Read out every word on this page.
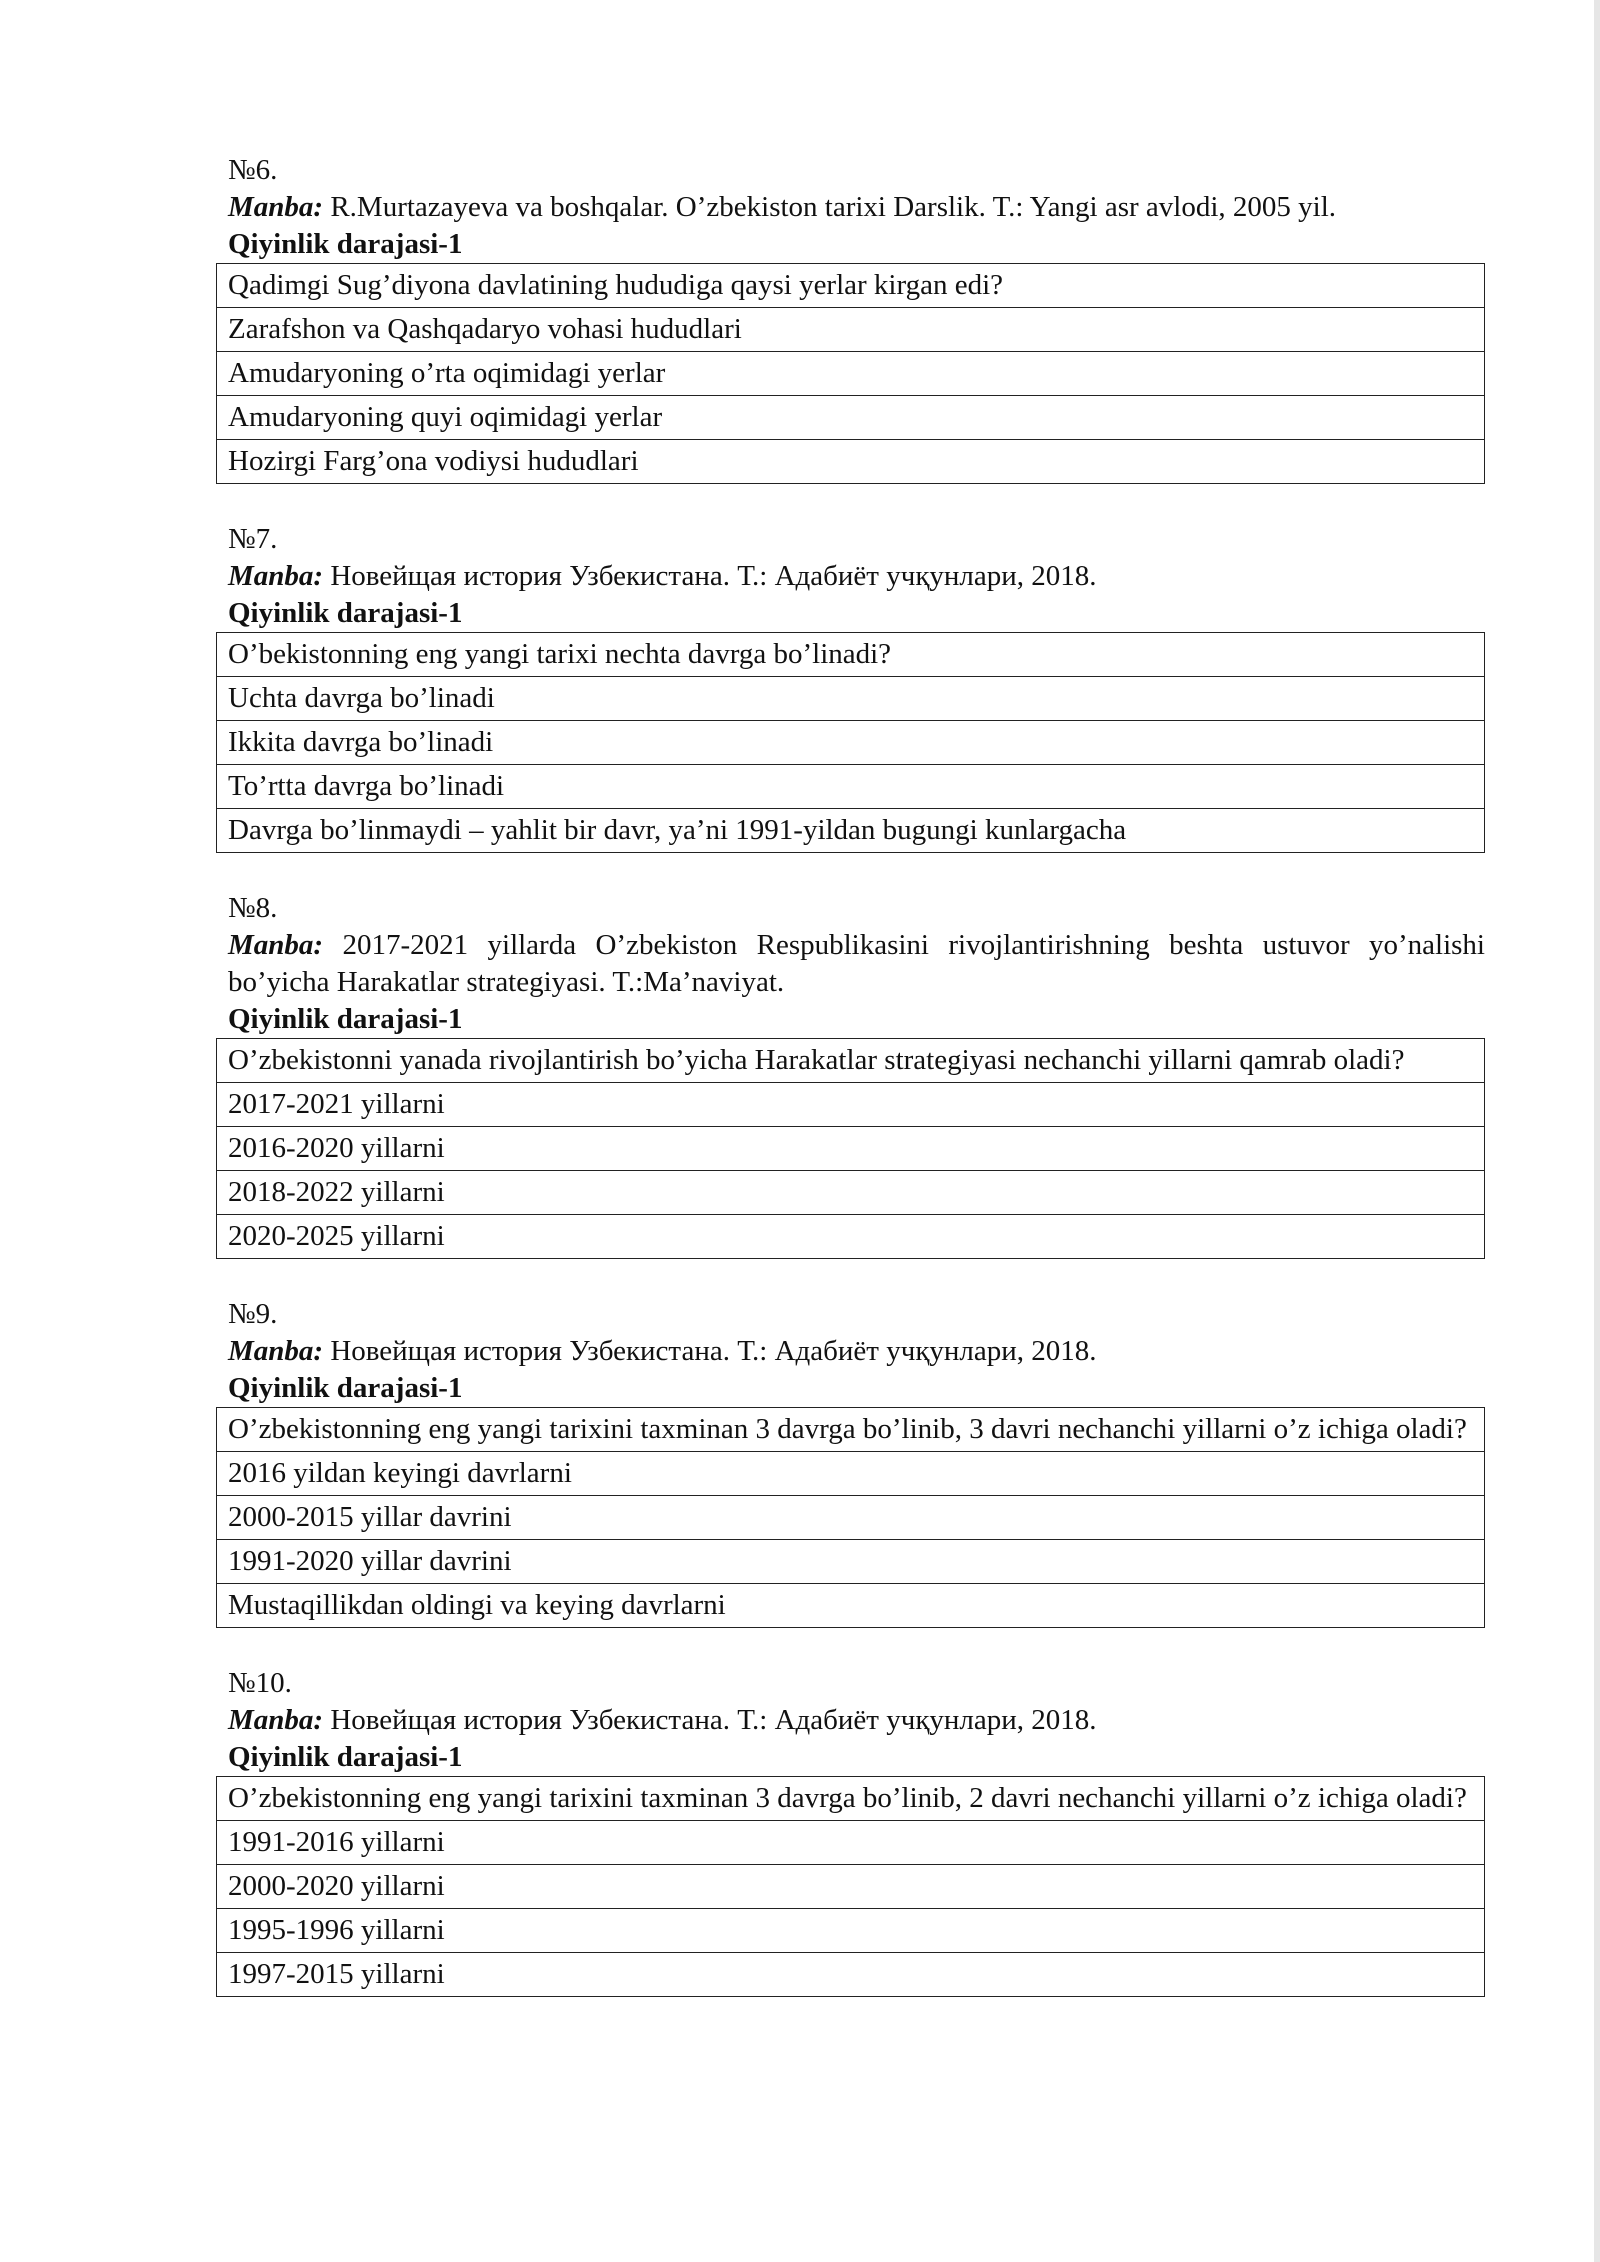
№6.
Manba: R.Murtazayeva va boshqalar. O’zbekiston tarixi Darslik. T.: Yangi asr avlodi, 2005 yil.
Qiyinlik darajasi-1
Qadimgi Sug’diyona davlatining hududiga qaysi yerlar kirgan edi?
Zarafshon va Qashqadaryo vohasi hududlari
Amudaryoning o’rta oqimidagi yerlar
Amudaryoning quyi oqimidagi yerlar
Hozirgi Farg’ona vodiysi hududlari
№7.
Manba: Новейщая история Узбекистана. Т.: Адабиёт учқунлари, 2018.
Qiyinlik darajasi-1
O’bekistonning eng yangi tarixi nechta davrga bo’linadi?
Uchta davrga bo’linadi
Ikkita davrga bo’linadi
To’rtta davrga bo’linadi
Davrga bo’linmaydi – yahlit bir davr, ya’ni 1991-yildan bugungi kunlargacha
№8.
Manba: 2017-2021 yillarda O’zbekiston Respublikasini rivojlantirishning beshta ustuvor yo’nalishi bo’yicha Harakatlar strategiyasi. T.:Ma’naviyat.
Qiyinlik darajasi-1
O’zbekistonni yanada rivojlantirish bo’yicha Harakatlar strategiyasi nechanchi yillarni qamrab oladi?
2017-2021 yillarni
2016-2020 yillarni
2018-2022 yillarni
2020-2025 yillarni
№9.
Manba: Новейщая история Узбекистана. Т.: Адабиёт учқунлари, 2018.
Qiyinlik darajasi-1
O’zbekistonning eng yangi tarixini taxminan 3 davrga bo’linib, 3 davri nechanchi yillarni o’z ichiga oladi?
2016 yildan keyingi davrlarni
2000-2015 yillar davrini
1991-2020 yillar davrini
Mustaqillikdan oldingi va keying davrlarni
№10.
Manba: Новейщая история Узбекистана. Т.: Адабиёт учқунлари, 2018.
Qiyinlik darajasi-1
O’zbekistonning eng yangi tarixini taxminan 3 davrga bo’linib, 2 davri nechanchi yillarni o’z ichiga oladi?
1991-2016 yillarni
2000-2020 yillarni
1995-1996 yillarni
1997-2015 yillarni
